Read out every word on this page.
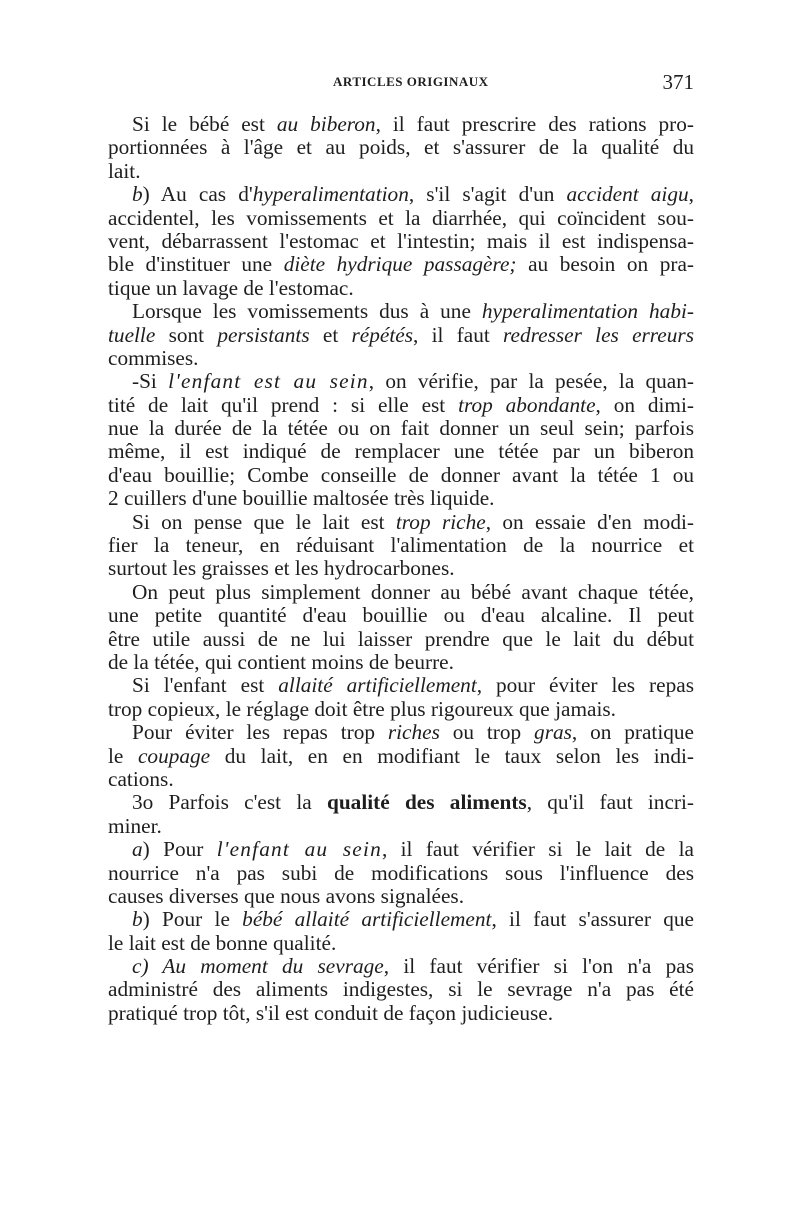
ARTICLES ORIGINAUX	371
Si le bébé est au biberon, il faut prescrire des rations pro-
portionnées à l'âge et au poids, et s'assurer de la qualité du
lait.
b) Au cas d'hyperalimentation, s'il s'agit d'un accident aigu,
accidentel, les vomissements et la diarrhée, qui coïncident sou-
vent, débarrassent l'estomac et l'intestin; mais il est indispensa-
ble d'instituer une diète hydrique passagère; au besoin on pra-
tique un lavage de l'estomac.
Lorsque les vomissements dus à une hyperalimentation habi-
tuelle sont persistants et répétés, il faut redresser les erreurs
commises.
-Si l'enfant est au sein, on vérifie, par la pesée, la quan-
tité de lait qu'il prend : si elle est trop abondante, on dimi-
nue la durée de la tétée ou on fait donner un seul sein; parfois
même, il est indiqué de remplacer une tétée par un biberon
d'eau bouillie; Combe conseille de donner avant la tétée 1 ou
2 cuillers d'une bouillie maltosée très liquide.
Si on pense que le lait est trop riche, on essaie d'en modi-
fier la teneur, en réduisant l'alimentation de la nourrice et
surtout les graisses et les hydrocarbones.
On peut plus simplement donner au bébé avant chaque tétée,
une petite quantité d'eau bouillie ou d'eau alcaline. Il peut
être utile aussi de ne lui laisser prendre que le lait du début
de la tétée, qui contient moins de beurre.
Si l'enfant est allaité artificiellement, pour éviter les repas
trop copieux, le réglage doit être plus rigoureux que jamais.
Pour éviter les repas trop riches ou trop gras, on pratique
le coupage du lait, en en modifiant le taux selon les indi-
cations.
3o Parfois c'est la qualité des aliments, qu'il faut incri-
miner.
a) Pour l'enfant au sein, il faut vérifier si le lait de la
nourrice n'a pas subi de modifications sous l'influence des
causes diverses que nous avons signalées.
b) Pour le bébé allaité artificiellement, il faut s'assurer que
le lait est de bonne qualité.
c) Au moment du sevrage, il faut vérifier si l'on n'a pas
administré des aliments indigestes, si le sevrage n'a pas été
pratiqué trop tôt, s'il est conduit de façon judicieuse.
